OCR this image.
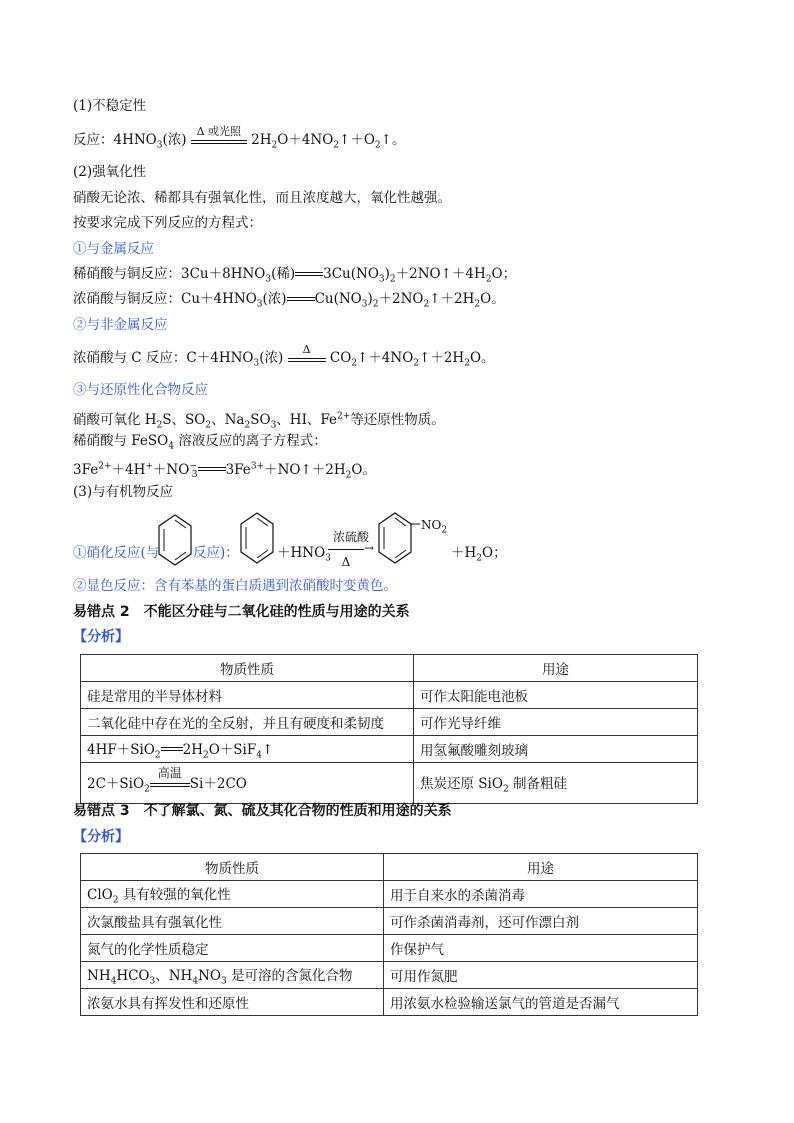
(1)不稳定性
反应：$4HNO_3$(浓)
Δ 或光照
$2H_2O+4NO_2↑+O_2↑$。
(2)强氧化性
硝酸无论浓、稀都具有强氧化性，而且浓度越大，氧化性越强。
按要求完成下列反应的方程式：
①与金属反应
稀硝酸与铜反应：$3Cu+8HNO_3$(稀) $3Cu(NO_3)_2+2NO↑+4H_2O$；
浓硝酸与铜反应：$Cu+4HNO_3$(浓) $Cu(NO_3)_2+2NO_2↑+2H_2O$。
②与非金属反应
浓硝酸与 C 反应：$C+4HNO_3$(浓)
Δ
$CO_2↑+4NO_2↑+2H_2O$。
③与还原性化合物反应
硝酸可氧化 $H_2S$、$SO_2$、$Na_2SO_3$、HI、$Fe^{2+}$等还原性物质。
稀硝酸与 FeSO$_4$ 溶液反应的离子方程式：
$3Fe^{2+}+4H^++NO^-_3$ $3Fe^{3+}+NO↑+2H_2O$。
(3)与有机物反应
①硝化反应(与 反应)：	$+HNO_3$
浓硫酸
→
Δ
$NO_2$
$+H_2O$；
②显色反应：含有苯基的蛋白质遇到浓硝酸时变黄色。
易错点 2　不能区分硅与二氧化硅的性质与用途的关系
【分析】
物质性质	用途
硅是常用的半导体材料	可作太阳能电池板
二氧化硅中存在光的全反射，并且有硬度和柔韧度	可作光导纤维
4HF＋SiO$_2$ $2H_2O+SiF_4↑$	用氢氟酸雕刻玻璃
2C＋SiO$_2$
高温
Si＋2CO	焦炭还原 SiO$_2$ 制备粗硅
易错点 3　不了解氯、氮、硫及其化合物的性质和用途的关系
【分析】
物质性质	用途
ClO$_2$ 具有较强的氧化性	用于自来水的杀菌消毒
次氯酸盐具有强氧化性	可作杀菌消毒剂，还可作漂白剂
氮气的化学性质稳定	作保护气
$NH_4HCO_3$、$NH_4NO_3$ 是可溶的含氮化合物	可用作氮肥
浓氨水具有挥发性和还原性	用浓氨水检验输送氯气的管道是否漏气
